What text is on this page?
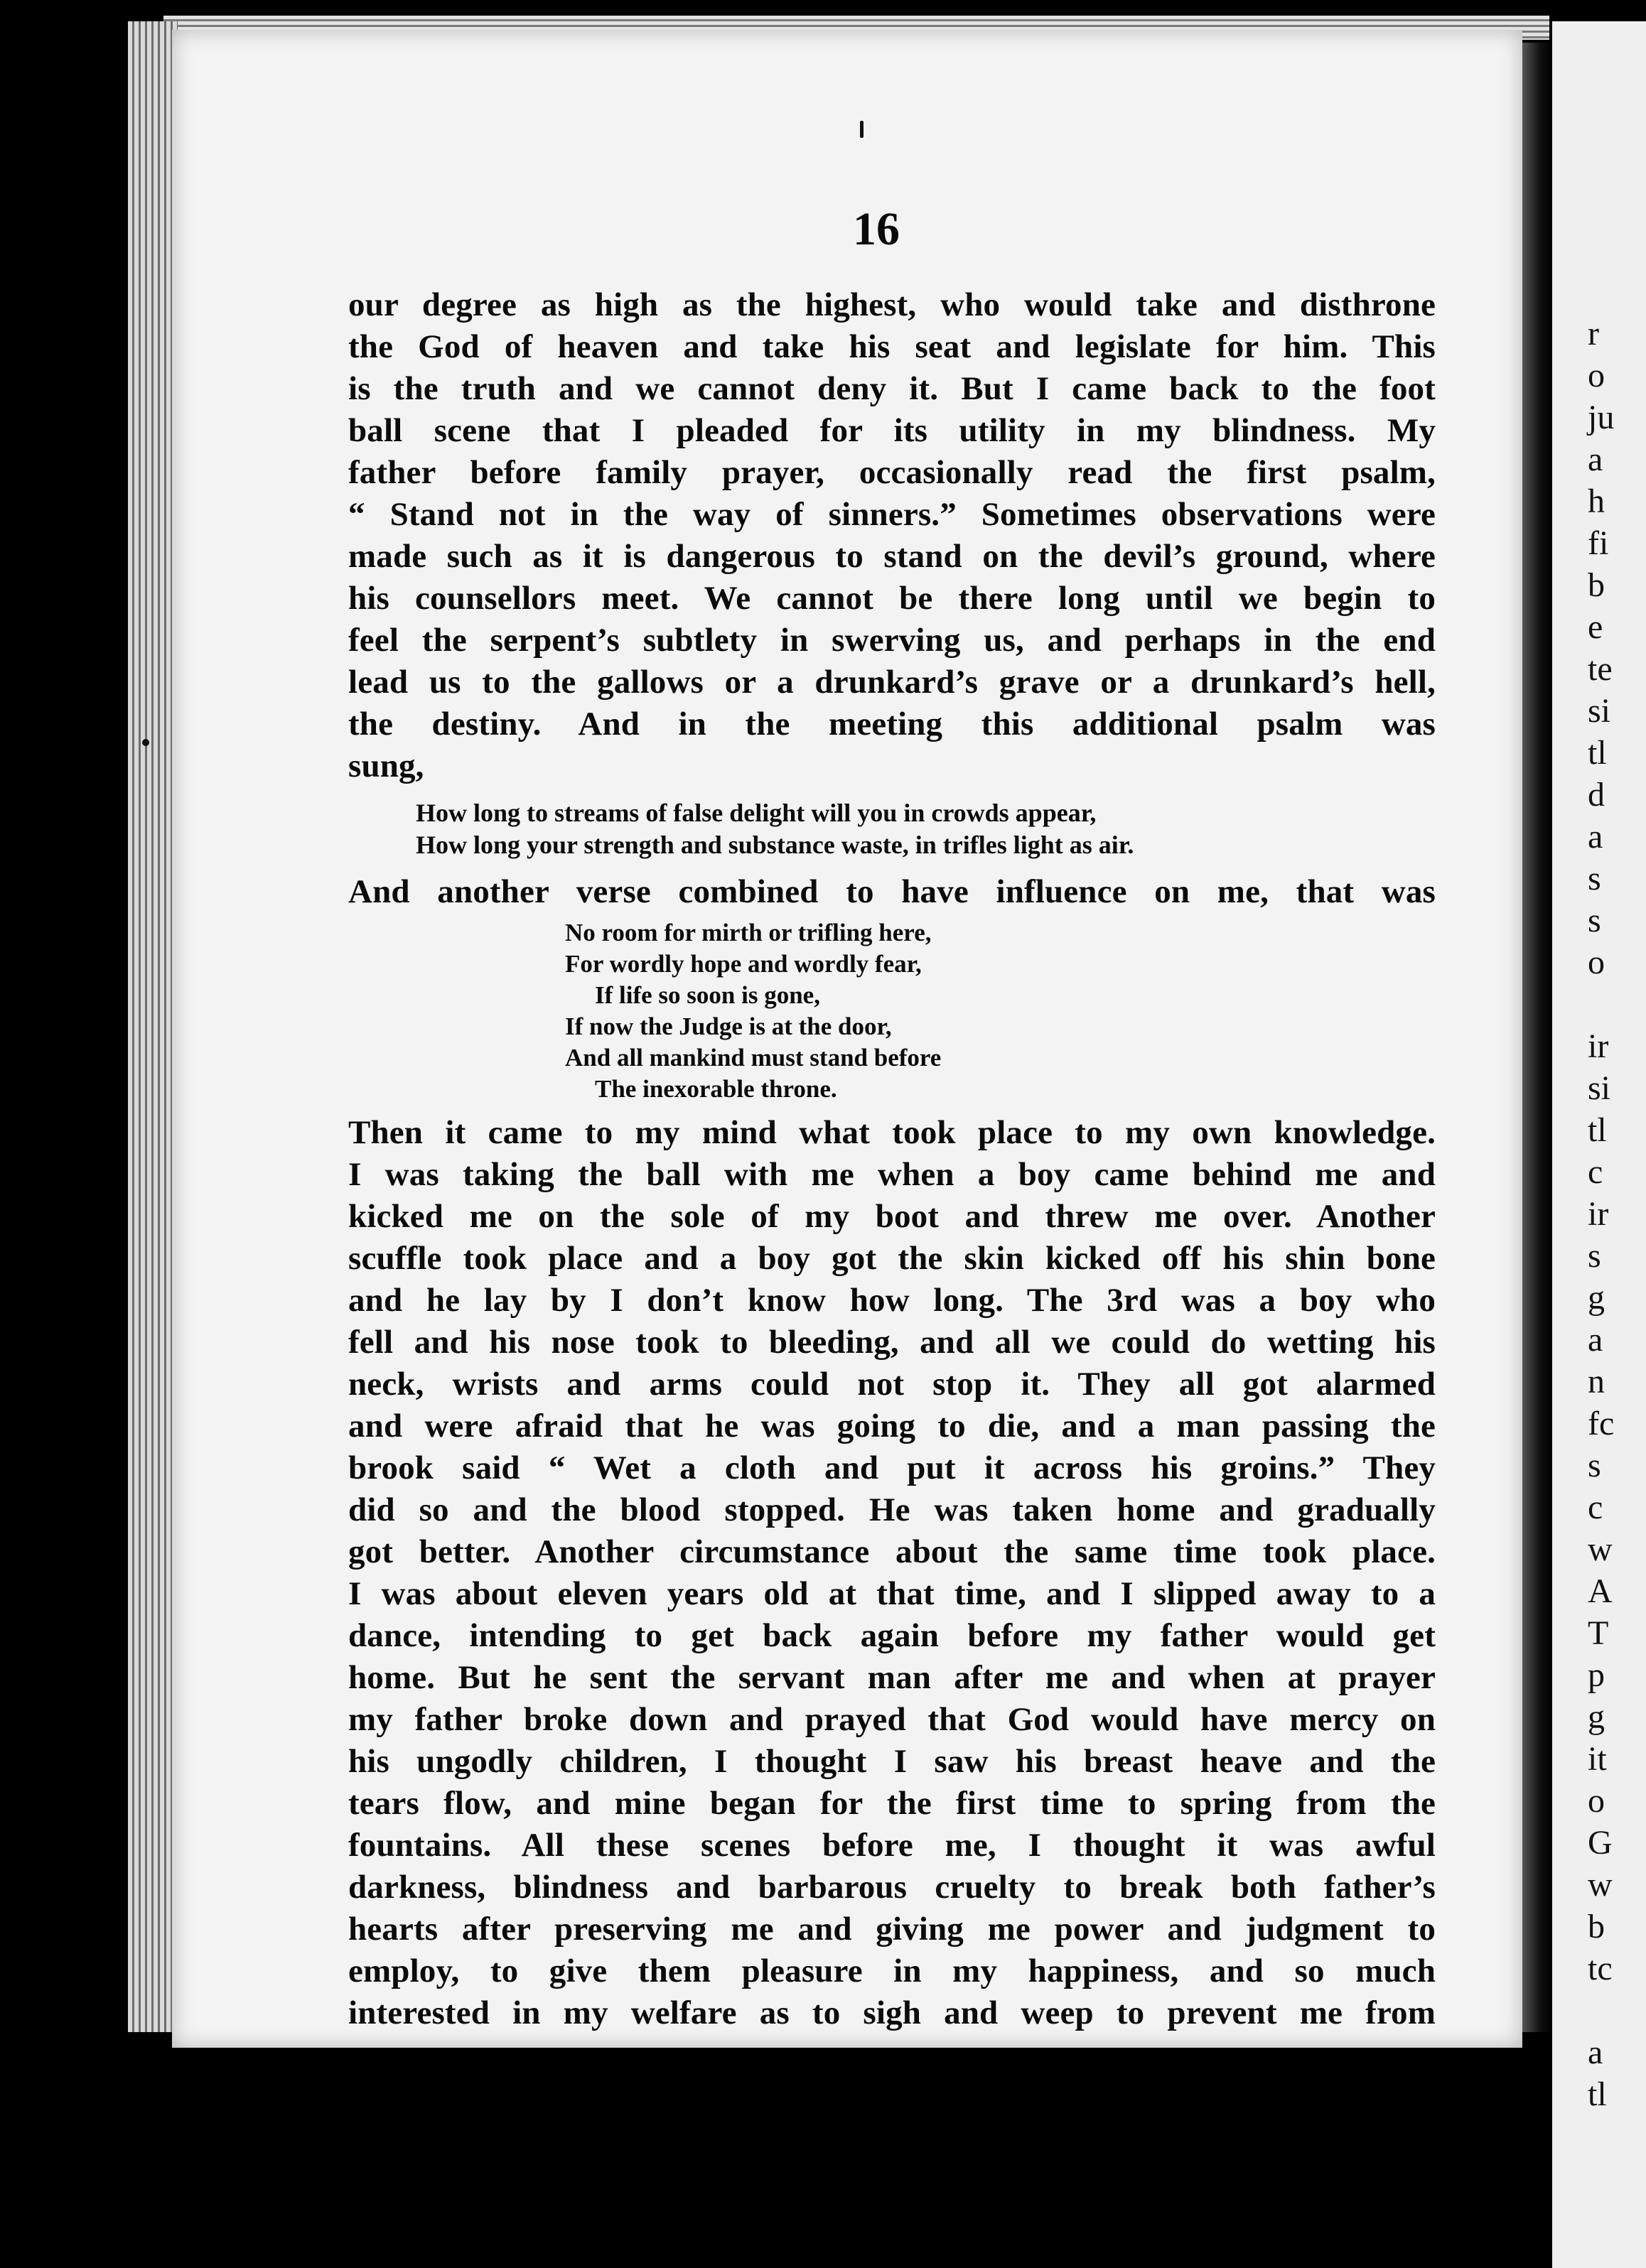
r
o
ju
a
h
fi
b
e
te
si
tl
d
a
s
s
o
ir
si
tl
c
ir
s
g
a
n
fc
s
c
w
A
T
p
g
it
o
G
w
b
tc
a
tl
16
our degree as high as the highest, who would take and disthrone
the God of heaven and take his seat and legislate for him. This
is the truth and we cannot deny it. But I came back to the foot
ball scene that I pleaded for its utility in my blindness. My
father before family prayer, occasionally read the first psalm,
“ Stand not in the way of sinners.” Sometimes observations were
made such as it is dangerous to stand on the devil’s ground, where
his counsellors meet. We cannot be there long until we begin to
feel the serpent’s subtlety in swerving us, and perhaps in the end
lead us to the gallows or a drunkard’s grave or a drunkard’s hell,
the destiny. And in the meeting this additional psalm was
sung,
How long to streams of false delight will you in crowds appear,
How long your strength and substance waste, in trifles light as air.
And another verse combined to have influence on me, that was
No room for mirth or trifling here,
For wordly hope and wordly fear,
If life so soon is gone,
If now the Judge is at the door,
And all mankind must stand before
The inexorable throne.
Then it came to my mind what took place to my own knowledge.
I was taking the ball with me when a boy came behind me and
kicked me on the sole of my boot and threw me over. Another
scuffle took place and a boy got the skin kicked off his shin bone
and he lay by I don’t know how long. The 3rd was a boy who
fell and his nose took to bleeding, and all we could do wetting his
neck, wrists and arms could not stop it. They all got alarmed
and were afraid that he was going to die, and a man passing the
brook said “ Wet a cloth and put it across his groins.” They
did so and the blood stopped. He was taken home and gradually
got better. Another circumstance about the same time took place.
I was about eleven years old at that time, and I slipped away to a
dance, intending to get back again before my father would get
home. But he sent the servant man after me and when at prayer
my father broke down and prayed that God would have mercy on
his ungodly children, I thought I saw his breast heave and the
tears flow, and mine began for the first time to spring from the
fountains. All these scenes before me, I thought it was awful
darkness, blindness and barbarous cruelty to break both father’s
hearts after preserving me and giving me power and judgment to
employ, to give them pleasure in my happiness, and so much
interested in my welfare as to sigh and weep to prevent me from
